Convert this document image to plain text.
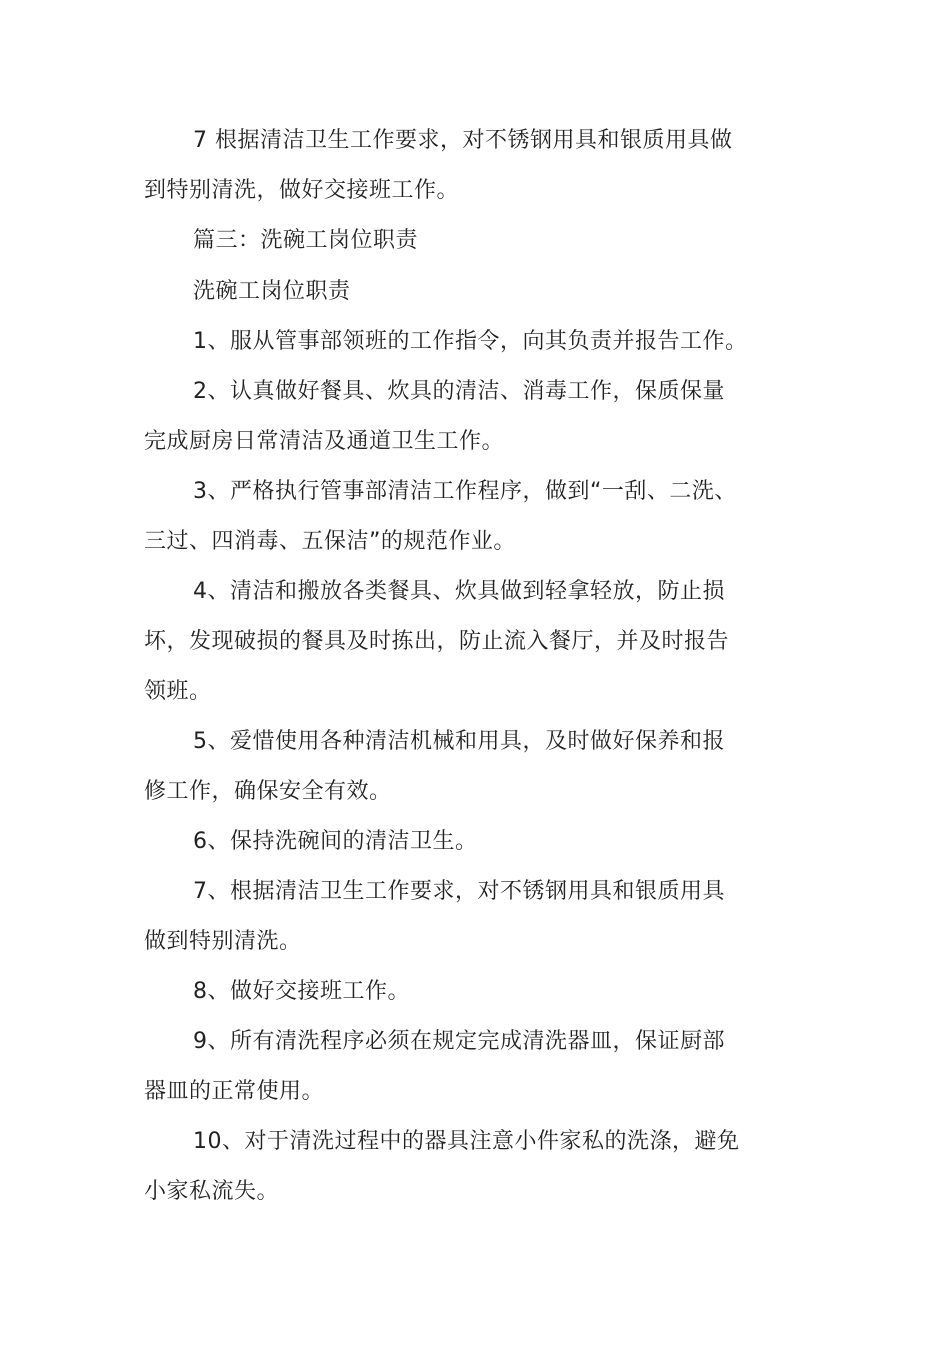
7 根据清洁卫生工作要求，对不锈钢用具和银质用具做
到特别清洗，做好交接班工作。
篇三：洗碗工岗位职责
洗碗工岗位职责
1、服从管事部领班的工作指令，向其负责并报告工作。
2、认真做好餐具、炊具的清洁、消毒工作，保质保量
完成厨房日常清洁及通道卫生工作。
3、严格执行管事部清洁工作程序，做到“一刮、二洗、
三过、四消毒、五保洁”的规范作业。
4、清洁和搬放各类餐具、炊具做到轻拿轻放，防止损
坏，发现破损的餐具及时拣出，防止流入餐厅，并及时报告
领班。
5、爱惜使用各种清洁机械和用具，及时做好保养和报
修工作，确保安全有效。
6、保持洗碗间的清洁卫生。
7、根据清洁卫生工作要求，对不锈钢用具和银质用具
做到特别清洗。
8、做好交接班工作。
9、所有清洗程序必须在规定完成清洗器皿，保证厨部
器皿的正常使用。
10、对于清洗过程中的器具注意小件家私的洗涤，避免
小家私流失。
